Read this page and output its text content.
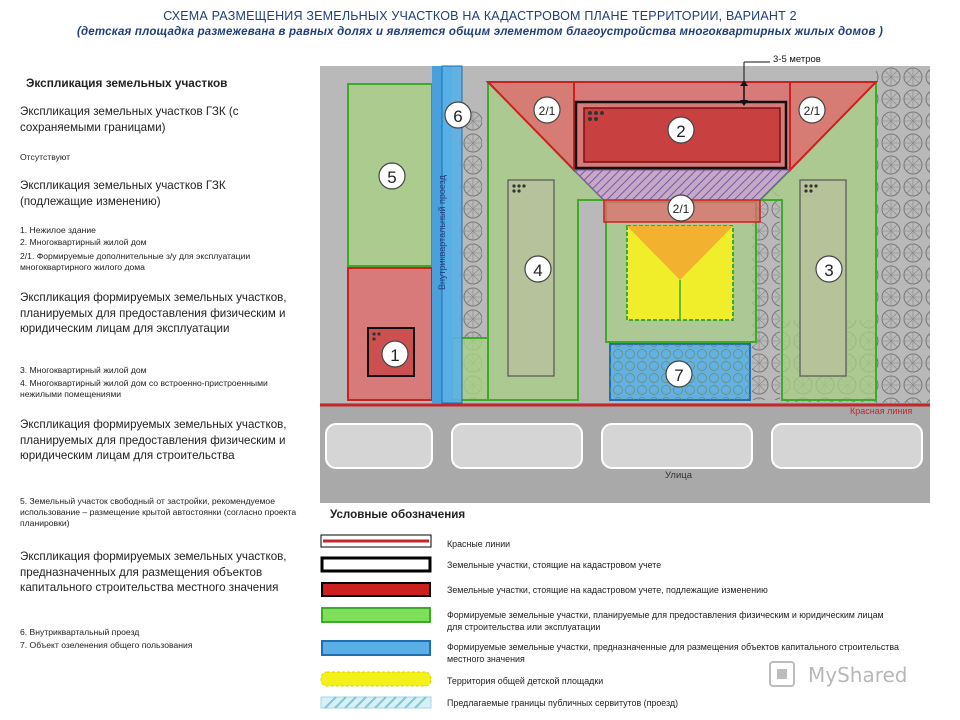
СХЕМА РАЗМЕЩЕНИЯ ЗЕМЕЛЬНЫХ УЧАСТКОВ НА КАДАСТРОВОМ ПЛАНЕ ТЕРРИТОРИИ, ВАРИАНТ 2
(детская площадка размежевана в равных долях и является общим элементом благоустройства многоквартирных жилых домов )

Экспликация земельных участков

Экспликация земельных участков ГЗК (с сохраняемыми границами)

Отсутствуют

Экспликация земельных участков ГЗК (подлежащие изменению)

1. Нежилое здание

2. Многоквартирный жилой дом

2/1. Формируемые дополнительные з/у для эксплуатации многоквартирного жилого дома

Экспликация формируемых земельных участков, планируемых для предоставления физическим и юридическим лицам для эксплуатации

3. Многоквартирный жилой дом

4. Многоквартирный жилой дом со встроенно-пристроенными нежилыми помещениями

Экспликация формируемых земельных участков, планируемых для предоставления физическим и юридическим лицам для строительства

5. Земельный участок свободный от застройки, рекомендуемое использование – размещение крытой автостоянки (согласно проекта планировки)

Экспликация формируемых земельных участков, предназначенных для размещения объектов капитального строительства местного значения

6. Внутриквартальный проезд

7. Объект озеленения общего пользования

1
2
2/1	2/1
2/1
3
4
5
6
7
Внутриквартальный проезд
Красная линия
Улица
3-5 метров
Условные обозначения
Красные линии
Земельные участки, стоящие на кадастровом учете
Земельные участки, стоящие на кадастровом учете, подлежащие изменению
Формируемые земельные участки, планируемые для предоставления физическим и юридическим лицам для строительства или эксплуатации
Формируемые земельные участки, предназначенные для размещения объектов капитального строительства местного значения
Территория общей детской площадки
Предлагаемые границы публичных сервитутов (проезд)
MyShared
